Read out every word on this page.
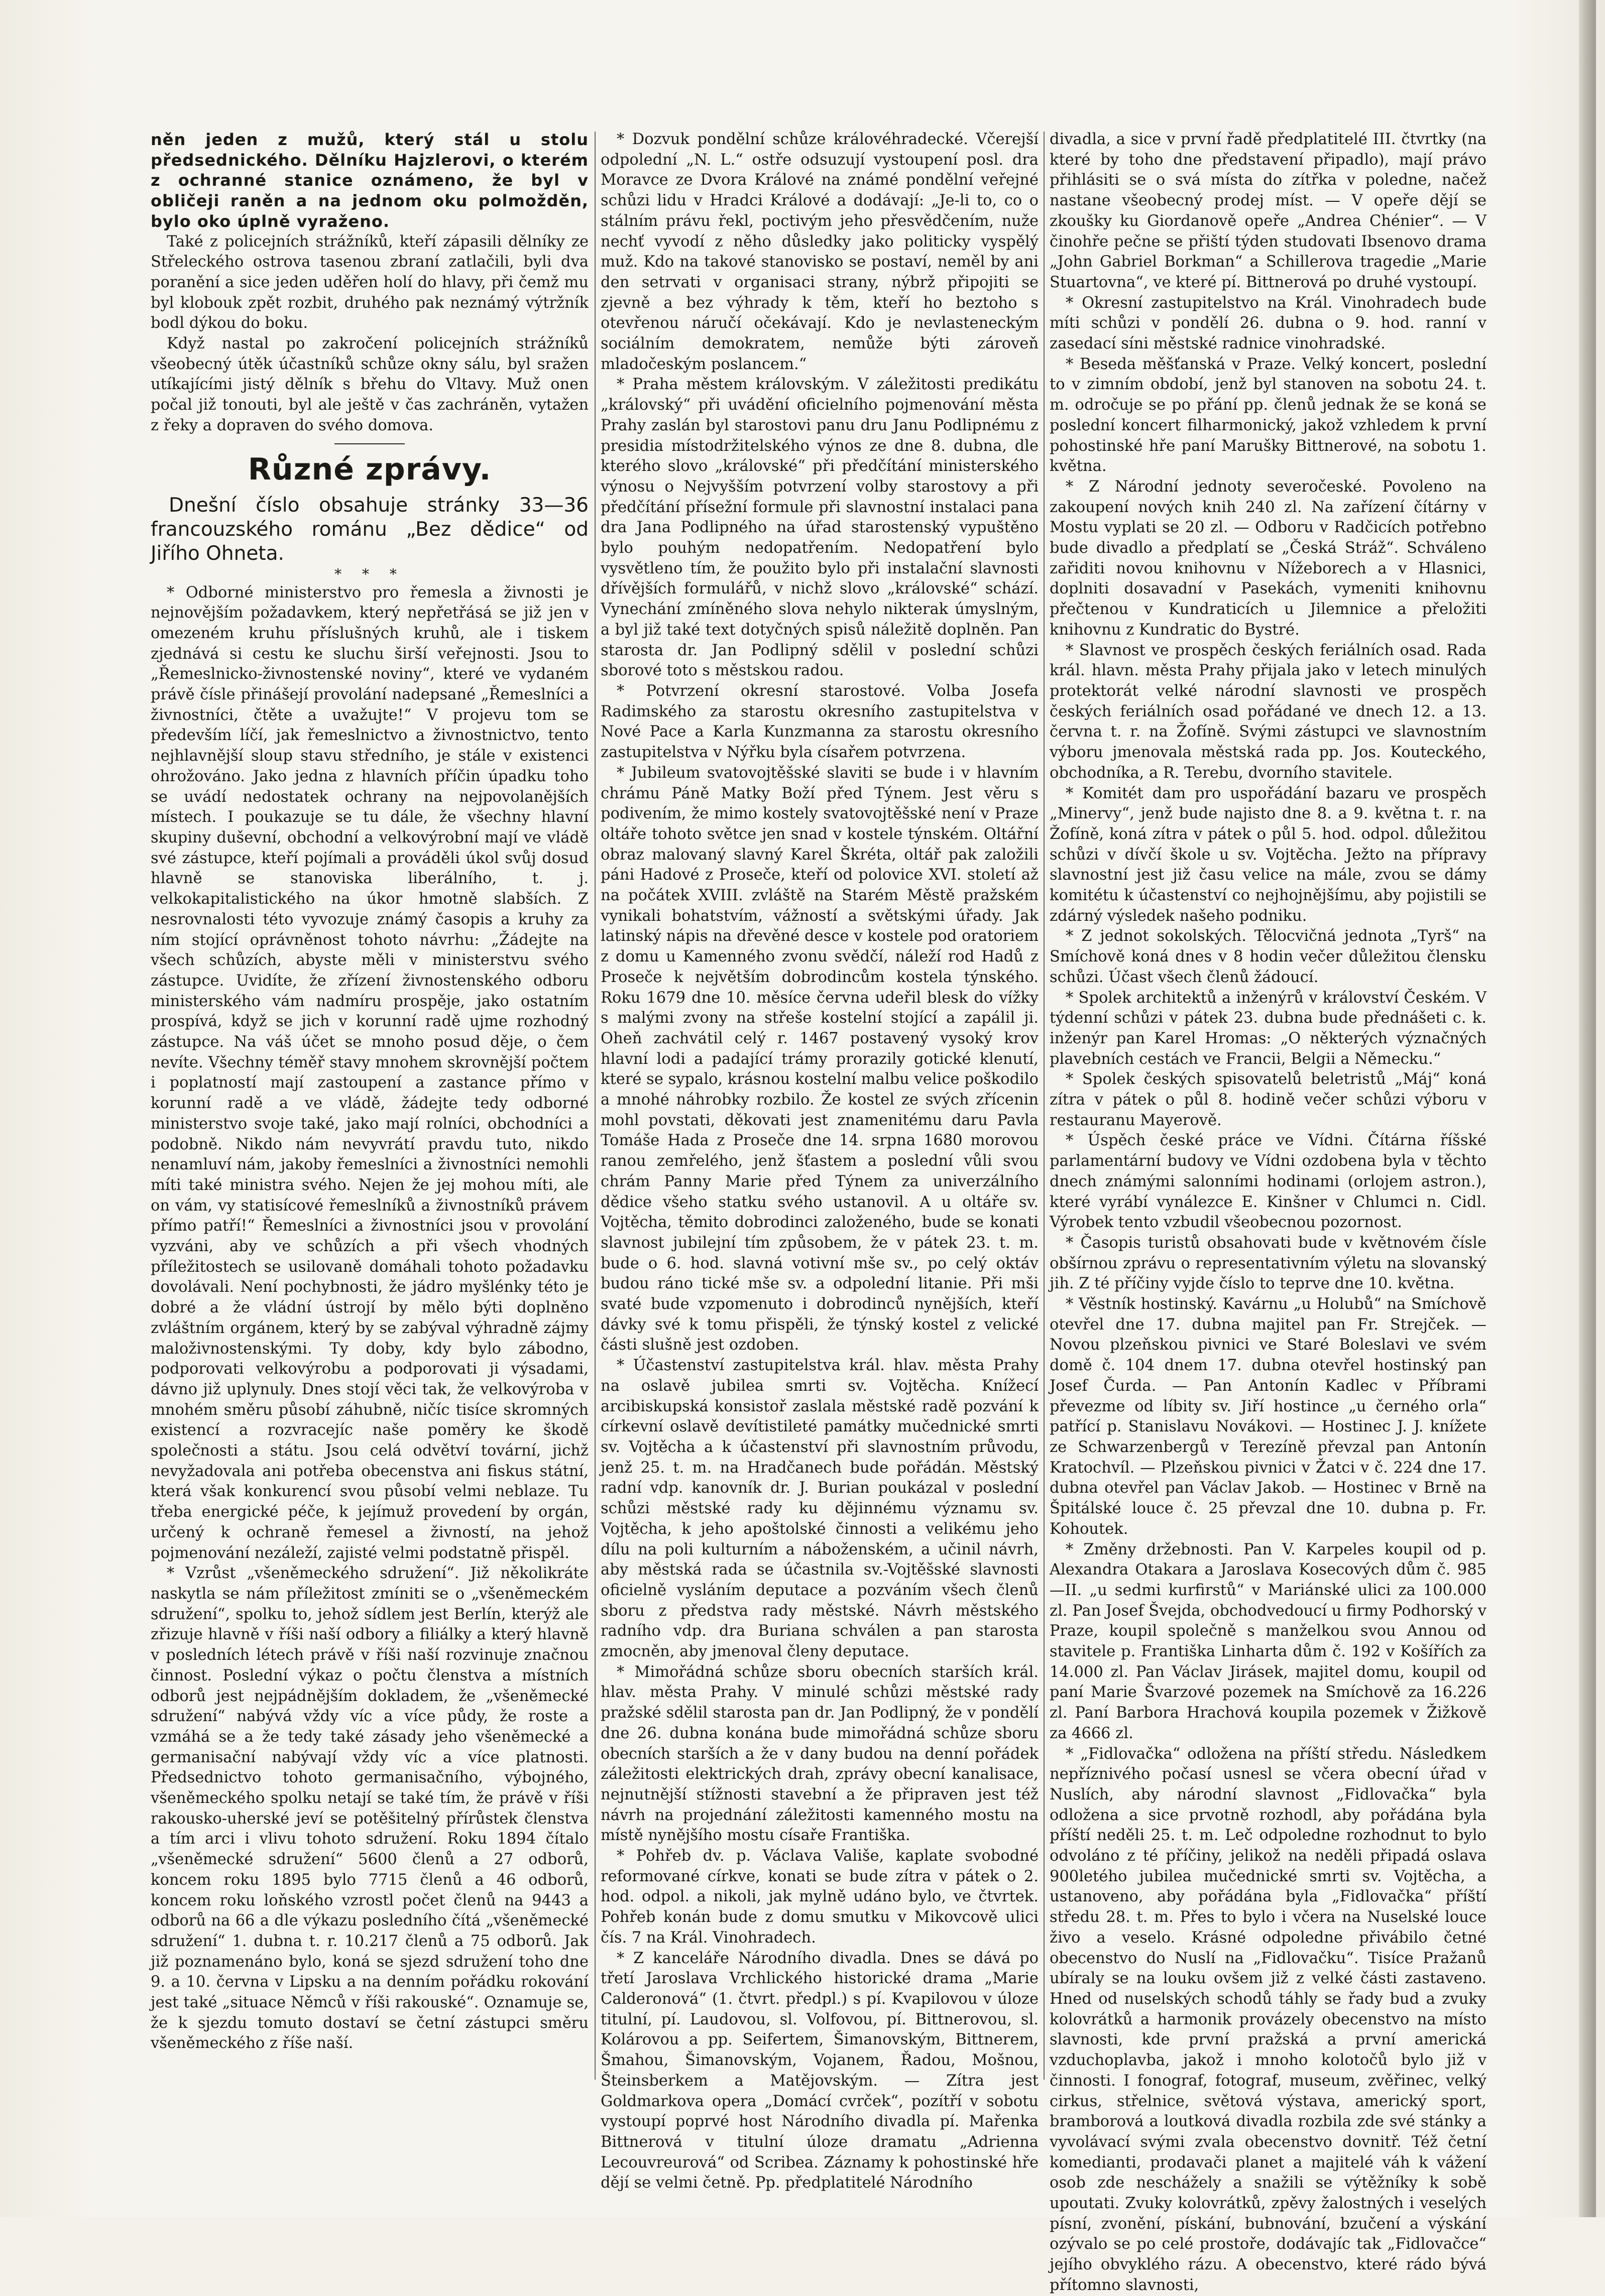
něn jeden z mužů, který stál u stolu předsednického. Dělníku Hajzlerovi, o kterém z ochranné stanice oznámeno, že byl v obličeji raněn a na jednom oku polmožděn, bylo oko úplně vyraženo.

Také z policejních strážníků, kteří zápasili dělníky ze Střeleckého ostrova tasenou zbraní zatlačili, byli dva poranění a sice jeden uděřen holí do hlavy, při čemž mu byl klobouk zpět rozbit, druhého pak neznámý výtržník bodl dýkou do boku.

Když nastal po zakročení policejních strážníků všeobecný útěk účastníků schůze okny sálu, byl sražen utíkajícími jistý dělník s břehu do Vltavy. Muž onen počal již tonouti, byl ale ještě v čas zachráněn, vytažen z řeky a dopraven do svého domova.

Různé zprávy.

Dnešní číslo obsahuje stránky 33—36 francouzského románu „Bez dědice“ od Jiřího Ohneta.

* * *

* Odborné ministerstvo pro řemesla a živnosti je nejnovějším požadavkem, který nepřetřásá se již jen v omezeném kruhu příslušných kruhů, ale i tiskem zjednává si cestu ke sluchu širší veřejnosti. Jsou to „Řemeslnicko-živnostenské noviny“, které ve vydaném právě čísle přinášejí provolání nadepsané „Řemeslníci a živnostníci, čtěte a uvažujte!“ V projevu tom se především líčí, jak řemeslnictvo a živnostnictvo, tento nejhlavnější sloup stavu středního, je stále v existenci ohrožováno. Jako jedna z hlavních příčin úpadku toho se uvádí nedostatek ochrany na nejpovolanějších místech. I poukazuje se tu dále, že všechny hlavní skupiny duševní, obchodní a velkovýrobní mají ve vládě své zástupce, kteří pojímali a prováděli úkol svůj dosud hlavně se stanoviska liberálního, t. j. velkokapitalistického na úkor hmotně slabších. Z nesrovnalosti této vyvozuje známý časopis a kruhy za ním stojící oprávněnost tohoto návrhu: „Žádejte na všech schůzích, abyste měli v ministerstvu svého zástupce. Uvidíte, že zřízení živnostenského odboru ministerského vám nadmíru prospěje, jako ostatním prospívá, když se jich v korunní radě ujme rozhodný zástupce. Na váš účet se mnoho posud děje, o čem nevíte. Všechny téměř stavy mnohem skrovnější počtem i poplatností mají zastoupení a zastance přímo v korunní radě a ve vládě, žádejte tedy odborné ministerstvo svoje také, jako mají rolníci, obchodníci a podobně. Nikdo nám nevyvrátí pravdu tuto, nikdo nenamluví nám, jakoby řemeslníci a živnostníci nemohli míti také ministra svého. Nejen že jej mohou míti, ale on vám, vy statisícové řemeslníků a živnostníků právem přímo patří!“ Řemeslníci a živnostníci jsou v provolání vyzváni, aby ve schůzích a při všech vhodných příležitostech se usilovaně domáhali tohoto požadavku dovolávali. Není pochybnosti, že jádro myšlénky této je dobré a že vládní ústrojí by mělo býti doplněno zvláštním orgánem, který by se zabýval výhradně zájmy maloživnostenskými. Ty doby, kdy bylo zábodno, podporovati velkovýrobu a podporovati ji výsadami, dávno již uplynuly. Dnes stojí věci tak, že velkovýroba v mnohém směru působí záhubně, ničíc tisíce skromných existencí a rozvracejíc naše poměry ke škodě společnosti a státu. Jsou celá odvětví tovární, jichž nevyžadovala ani potřeba obecenstva ani fiskus státní, která však konkurencí svou působí velmi neblaze. Tu třeba energické péče, k jejímuž provedení by orgán, určený k ochraně řemesel a živností, na jehož pojmenování nezáleží, zajisté velmi podstatně přispěl.

* Vzrůst „všeněmeckého sdružení“. Již několikráte naskytla se nám příležitost zmíniti se o „všeněmeckém sdružení“, spolku to, jehož sídlem jest Berlín, kterýž ale zřizuje hlavně v říši naší odbory a filiálky a který hlavně v posledních létech právě v říši naší rozvinuje značnou činnost. Poslední výkaz o počtu členstva a místních odborů jest nejpádnějším dokladem, že „všeněmecké sdružení“ nabývá vždy víc a více půdy, že roste a vzmáhá se a že tedy také zásady jeho všeněmecké a germanisační nabývají vždy víc a více platnosti. Předsednictvo tohoto germanisačního, výbojného, všeněmeckého spolku netají se také tím, že právě v říši rakousko-uherské jeví se potěšitelný přírůstek členstva a tím arci i vlivu tohoto sdružení. Roku 1894 čítalo „všeněmecké sdružení“ 5600 členů a 27 odborů, koncem roku 1895 bylo 7715 členů a 46 odborů, koncem roku loňského vzrostl počet členů na 9443 a odborů na 66 a dle výkazu posledního čítá „všeněmecké sdružení“ 1. dubna t. r. 10.217 členů a 75 odborů. Jak již poznamenáno bylo, koná se sjezd sdružení toho dne 9. a 10. června v Lipsku a na denním pořádku rokování jest také „situace Němců v říši rakouské“. Oznamuje se, že k sjezdu tomuto dostaví se četní zástupci směru všeněmeckého z říše naší.

* Dozvuk pondělní schůze královéhradecké. Včerejší odpolední „N. L.“ ostře odsuzují vystoupení posl. dra Moravce ze Dvora Králové na známé pondělní veřejné schůzi lidu v Hradci Králové a dodávají: „Je-li to, co o stálním právu řekl, poctivým jeho přesvědčením, nuže nechť vyvodí z něho důsledky jako politicky vyspělý muž. Kdo na takové stanovisko se postaví, neměl by ani den setrvati v organisaci strany, nýbrž připojiti se zjevně a bez výhrady k těm, kteří ho beztoho s otevřenou náručí očekávají. Kdo je nevlasteneckým sociálním demokratem, nemůže býti zároveň mladočeským poslancem.“

* Praha městem královským. V záležitosti predikátu „královský“ při uvádění oficielního pojmenování města Prahy zaslán byl starostovi panu dru Janu Podlipnému z presidia místodržitelského výnos ze dne 8. dubna, dle kterého slovo „královské“ při předčítání ministerského výnosu o Nejvyšším potvrzení volby starostovy a při předčítání přísežní formule při slavnostní instalaci pana dra Jana Podlipného na úřad starostenský vypuštěno bylo pouhým nedopatřením. Nedopatření bylo vysvětleno tím, že použito bylo při instalační slavnosti dřívějších formulářů, v nichž slovo „královské“ schází. Vynechání zmíněného slova nehylo nikterak úmyslným, a byl již také text dotyčných spisů náležitě doplněn. Pan starosta dr. Jan Podlipný sdělil v poslední schůzi sborové toto s městskou radou.

* Potvrzení okresní starostové. Volba Josefa Radimského za starostu okresního zastupitelstva v Nové Pace a Karla Kunzmanna za starostu okresního zastupitelstva v Nýřku byla císařem potvrzena.

* Jubileum svatovojtěšské slaviti se bude i v hlavním chrámu Páně Matky Boží před Týnem. Jest věru s podivením, že mimo kostely svatovojtěšské není v Praze oltáře tohoto světce jen snad v kostele týnském. Oltářní obraz malovaný slavný Karel Škréta, oltář pak založili páni Hadové z Proseče, kteří od polovice XVI. století až na počátek XVIII. zvláště na Starém Městě pražském vynikali bohatstvím, vážností a světskými úřady. Jak latinský nápis na dřevěné desce v kostele pod oratoriem z domu u Kamenného zvonu svědčí, náleží rod Hadů z Proseče k největším dobrodincům kostela týnského. Roku 1679 dne 10. měsíce června udeřil blesk do vížky s malými zvony na střeše kostelní stojící a zapálil ji. Oheň zachvátil celý r. 1467 postavený vysoký krov hlavní lodi a padající trámy prorazily gotické klenutí, které se sypalo, krásnou kostelní malbu velice poškodilo a mnohé náhrobky rozbilo. Že kostel ze svých zřícenin mohl povstati, děkovati jest znamenitému daru Pavla Tomáše Hada z Proseče dne 14. srpna 1680 morovou ranou zemřelého, jenž šťastem a poslední vůli svou chrám Panny Marie před Týnem za univerzálního dědice všeho statku svého ustanovil. A u oltáře sv. Vojtěcha, těmito dobrodinci založeného, bude se konati slavnost jubilejní tím způsobem, že v pátek 23. t. m. bude o 6. hod. slavná votivní mše sv., po celý oktáv budou ráno tické mše sv. a odpolední litanie. Při mši svaté bude vzpomenuto i dobrodinců nynějších, kteří dávky své k tomu přispěli, že týnský kostel z velické části slušně jest ozdoben.

* Účastenství zastupitelstva král. hlav. města Prahy na oslavě jubilea smrti sv. Vojtěcha. Knížecí arcibiskupská konsistoř zaslala městské radě pozvání k církevní oslavě devítistileté památky mučednické smrti sv. Vojtěcha a k účastenství při slavnostním průvodu, jenž 25. t. m. na Hradčanech bude pořádán. Městský radní vdp. kanovník dr. J. Burian poukázal v poslední schůzi městské rady ku dějinnému významu sv. Vojtěcha, k jeho apoštolské činnosti a velikému jeho dílu na poli kulturním a náboženském, a učinil návrh, aby městská rada se účastnila sv.-Vojtěšské slavnosti oficielně vysláním deputace a pozváním všech členů sboru z předstva rady městské. Návrh městského radního vdp. dra Buriana schválen a pan starosta zmocněn, aby jmenoval členy deputace.

* Mimořádná schůze sboru obecních starších král. hlav. města Prahy. V minulé schůzi městské rady pražské sdělil starosta pan dr. Jan Podlipný, že v pondělí dne 26. dubna konána bude mimořádná schůze sboru obecních starších a že v dany budou na denní pořádek záležitosti elektrických drah, zprávy obecní kanalisace, nejnutnější stížnosti stavební a že připraven jest též návrh na projednání záležitosti kamenného mostu na místě nynějšího mostu císaře Františka.

* Pohřeb dv. p. Václava Vališe, kaplate svobodné reformované církve, konati se bude zítra v pátek o 2. hod. odpol. a nikoli, jak mylně udáno bylo, ve čtvrtek. Pohřeb konán bude z domu smutku v Mikovcově ulici čís. 7 na Král. Vinohradech.

* Z kanceláře Národního divadla. Dnes se dává po třetí Jaroslava Vrchlického historické drama „Marie Calderonová“ (1. čtvrt. předpl.) s pí. Kvapilovou v úloze titulní, pí. Laudovou, sl. Volfovou, pí. Bittnerovou, sl. Kolárovou a pp. Seifertem, Šimanovským, Bittnerem, Šmahou, Šimanovským, Vojanem, Řadou, Mošnou, Šteinsberkem a Matějovským. — Zítra jest Goldmarkova opera „Domácí cvrček“, pozítří v sobotu vystoupí poprvé host Národního divadla pí. Mařenka Bittnerová v titulní úloze dramatu „Adrienna Lecouvreurová“ od Scribea. Záznamy k pohostinské hře dějí se velmi četně. Pp. předplatitelé Národního

divadla, a sice v první řadě předplatitelé III. čtvrtky (na které by toho dne představení připadlo), mají právo přihlásiti se o svá místa do zítřka v poledne, načež nastane všeobecný prodej míst. — V opeře dějí se zkoušky ku Giordanově opeře „Andrea Chénier“. — V činohře pečne se přiští týden studovati Ibsenovo drama „John Gabriel Borkman“ a Schillerova tragedie „Marie Stuartovna“, ve které pí. Bittnerová po druhé vystoupí.

* Okresní zastupitelstvo na Král. Vinohradech bude míti schůzi v pondělí 26. dubna o 9. hod. ranní v zasedací síni městské radnice vinohradské.

* Beseda měšťanská v Praze. Velký koncert, poslední to v zimním období, jenž byl stanoven na sobotu 24. t. m. odročuje se po přání pp. členů jednak že se koná se poslední koncert filharmonický, jakož vzhledem k první pohostinské hře paní Marušky Bittnerové, na sobotu 1. května.

* Z Národní jednoty severočeské. Povoleno na zakoupení nových knih 240 zl. Na zařízení čítárny v Mostu vyplati se 20 zl. — Odboru v Radčicích potřebno bude divadlo a předplatí se „Česká Stráž“. Schváleno zařiditi novou knihovnu v Nížeborech a v Hlasnici, doplniti dosavadní v Pasekách, vymeniti knihovnu přečtenou v Kundraticích u Jilemnice a přeložiti knihovnu z Kundratic do Bystré.

* Slavnost ve prospěch českých feriálních osad. Rada král. hlavn. města Prahy přijala jako v letech minulých protektorát velké národní slavnosti ve prospěch českých feriálních osad pořádané ve dnech 12. a 13. června t. r. na Žofíně. Svými zástupci ve slavnostním výboru jmenovala městská rada pp. Jos. Kouteckého, obchodníka, a R. Terebu, dvorního stavitele.

* Komitét dam pro uspořádání bazaru ve prospěch „Minervy“, jenž bude najisto dne 8. a 9. května t. r. na Žofíně, koná zítra v pátek o půl 5. hod. odpol. důležitou schůzi v dívčí škole u sv. Vojtěcha. Ježto na přípravy slavnostní jest již času velice na mále, zvou se dámy komitétu k účastenství co nejhojnějšímu, aby pojistili se zdárný výsledek našeho podniku.

* Z jednot sokolských. Tělocvičná jednota „Tyrš“ na Smíchově koná dnes v 8 hodin večer důležitou člensku schůzi. Účast všech členů žádoucí.

* Spolek architektů a inženýrů v království Českém. V týdenní schůzi v pátek 23. dubna bude přednášeti c. k. inženýr pan Karel Hromas: „O některých význačných plavebních cestách ve Francii, Belgii a Německu.“

* Spolek českých spisovatelů beletristů „Máj“ koná zítra v pátek o půl 8. hodině večer schůzi výboru v restauranu Mayerově.

* Úspěch české práce ve Vídni. Čítárna říšské parlamentární budovy ve Vídni ozdobena byla v těchto dnech známými salonními hodinami (orlojem astron.), které vyrábí vynálezce E. Kinšner v Chlumci n. Cidl. Výrobek tento vzbudil všeobecnou pozornost.

* Časopis turistů obsahovati bude v květnovém čísle obšírnou zprávu o representativním výletu na slovanský jih. Z té příčiny vyjde číslo to teprve dne 10. května.

* Věstník hostinský. Kavárnu „u Holubů“ na Smíchově otevřel dne 17. dubna majitel pan Fr. Strejček. — Novou plzeňskou pivnici ve Staré Boleslavi ve svém domě č. 104 dnem 17. dubna otevřel hostinský pan Josef Čurda. — Pan Antonín Kadlec v Příbrami převezme od líbity sv. Jiří hostince „u černého orla“ patřící p. Stanislavu Novákovi. — Hostinec J. J. knížete ze Schwarzenbergů v Terezíně převzal pan Antonín Kratochvíl. — Plzeňskou pivnici v Žatci v č. 224 dne 17. dubna otevřel pan Václav Jakob. — Hostinec v Brně na Špitálské louce č. 25 převzal dne 10. dubna p. Fr. Kohoutek.

* Změny držebnosti. Pan V. Karpeles koupil od p. Alexandra Otakara a Jaroslava Kosecových dům č. 985—II. „u sedmi kurfirstů“ v Mariánské ulici za 100.000 zl. Pan Josef Švejda, obchodvedoucí u firmy Podhorský v Praze, koupil společně s manželkou svou Annou od stavitele p. Františka Linharta dům č. 192 v Košířích za 14.000 zl. Pan Václav Jirásek, majitel domu, koupil od paní Marie Švarzové pozemek na Smíchově za 16.226 zl. Paní Barbora Hrachová koupila pozemek v Žižkově za 4666 zl.

* „Fidlovačka“ odložena na příští středu. Následkem nepříznivého počasí usnesl se včera obecní úřad v Nuslích, aby národní slavnost „Fidlovačka“ byla odložena a sice prvotně rozhodl, aby pořádána byla příští neděli 25. t. m. Leč odpoledne rozhodnut to bylo odvoláno z té příčiny, jelikož na neděli připadá oslava 900letého jubilea mučednické smrti sv. Vojtěcha, a ustanoveno, aby pořádána byla „Fidlovačka“ příští středu 28. t. m. Přes to bylo i včera na Nuselské louce živo a veselo. Krásné odpoledne přivábilo četné obecenstvo do Nuslí na „Fidlovačku“. Tisíce Pražanů ubíraly se na louku ovšem již z velké části zastaveno. Hned od nuselských schodů táhly se řady bud a zvuky kolovrátků a harmonik provázely obecenstvo na místo slavnosti, kde první pražská a první americká vzduchoplavba, jakož i mnoho kolotočů bylo již v činnosti. I fonograf, fotograf, museum, zvěřinec, velký cirkus, střelnice, světová výstava, americký sport, bramborová a loutková divadla rozbila zde své stánky a vyvolávací svými zvala obecenstvo dovnitř. Též četní komedianti, prodavači planet a majitelé váh k vážení osob zde neschážely a snažili se výtěžníky k sobě upoutati. Zvuky kolovrátků, zpěvy žalostných i veselých písní, zvonění, pískání, bubnování, bzučení a výskání ozývalo se po celé prostoře, dodávajíc tak „Fidlovačce“ jejího obvyklého rázu. A obecenstvo, které rádo bývá přítomno slavnosti,
